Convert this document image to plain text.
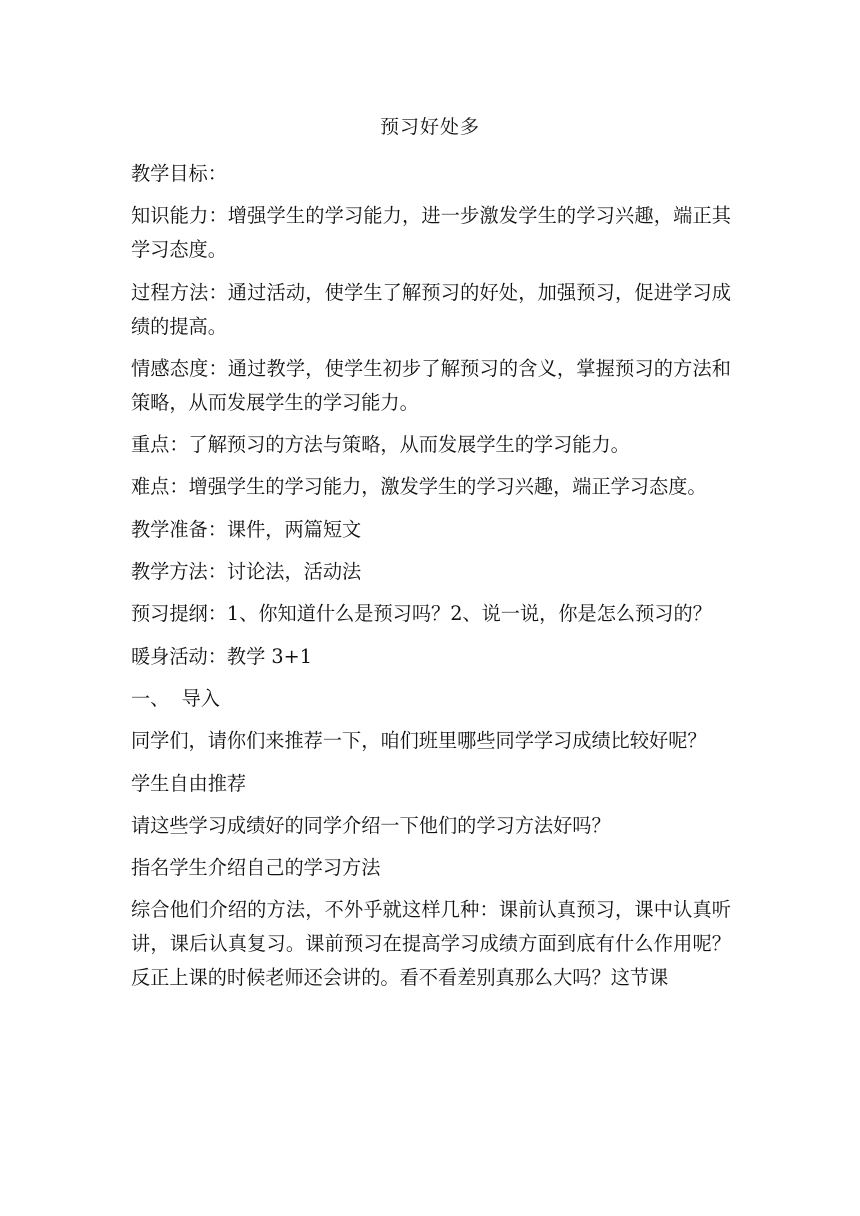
预习好处多

教学目标：

知识能力：增强学生的学习能力，进一步激发学生的学习兴趣，端正其学习态度。

过程方法：通过活动，使学生了解预习的好处，加强预习，促进学习成绩的提高。

情感态度：通过教学，使学生初步了解预习的含义，掌握预习的方法和策略，从而发展学生的学习能力。

重点：了解预习的方法与策略，从而发展学生的学习能力。

难点：增强学生的学习能力，激发学生的学习兴趣，端正学习态度。

教学准备：课件，两篇短文

教学方法：讨论法，活动法

预习提纲：1、你知道什么是预习吗？2、说一说，你是怎么预习的？

暖身活动：教学 3+1

一、  导入

同学们，请你们来推荐一下，咱们班里哪些同学学习成绩比较好呢？

学生自由推荐

请这些学习成绩好的同学介绍一下他们的学习方法好吗？

指名学生介绍自己的学习方法

综合他们介绍的方法，不外乎就这样几种：课前认真预习，课中认真听讲，课后认真复习。课前预习在提高学习成绩方面到底有什么作用呢？反正上课的时候老师还会讲的。看不看差别真那么大吗？这节课
